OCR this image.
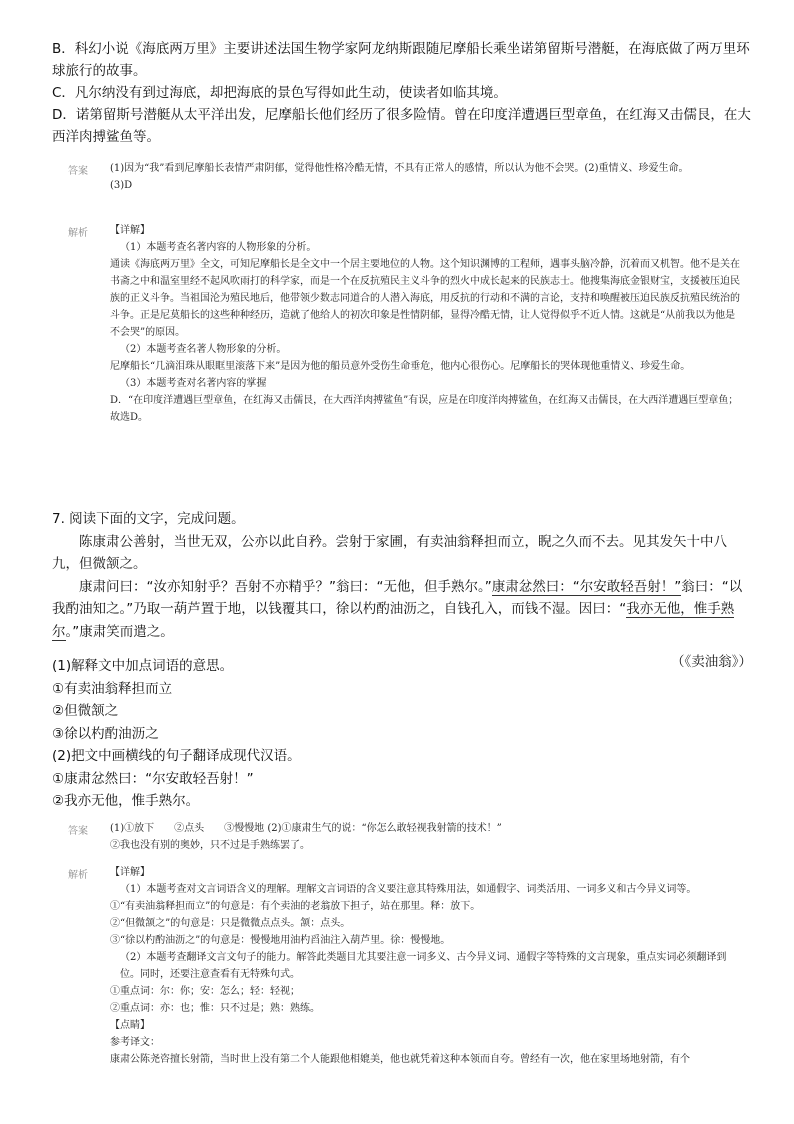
B．科幻小说《海底两万里》主要讲述法国生物学家阿龙纳斯跟随尼摩船长乘坐诺第留斯号潜艇，在海底做了两万里环球旅行的故事。
C．凡尔纳没有到过海底，却把海底的景色写得如此生动，使读者如临其境。
D．诺第留斯号潜艇从太平洋出发，尼摩船长他们经历了很多险情。曾在印度洋遭遇巨型章鱼，在红海又击儒艮，在大西洋肉搏鲨鱼等。
答案	(1)因为“我”看到尼摩船长表情严肃阴郁，觉得他性格冷酷无情，不具有正常人的感情，所以认为他不会哭。(2)重情义、珍爱生命。

(3)D

解析	【详解】

（1）本题考查名著内容的人物形象的分析。

通读《海底两万里》全文，可知尼摩船长是全文中一个居主要地位的人物。这个知识渊博的工程师，遇事头脑冷静，沉着而又机智。他不是关在书斋之中和温室里经不起风吹雨打的科学家，而是一个在反抗殖民主义斗争的烈火中成长起来的民族志士。他搜集海底金银财宝，支援被压迫民族的正义斗争。当祖国沦为殖民地后，他带领少数志同道合的人潜入海底，用反抗的行动和不满的言论，支持和唤醒被压迫民族反抗殖民统治的斗争。正是尼莫船长的这些种种经历，造就了他给人的初次印象是性情阴郁，显得冷酷无情，让人觉得似乎不近人情。这就是“从前我以为他是不会哭”的原因。

（2）本题考查名著人物形象的分析。

尼摩船长“几滴泪珠从眼眶里滚落下来”是因为他的船员意外受伤生命垂危，他内心很伤心。尼摩船长的哭体现他重情义、珍爱生命。

（3）本题考查对名著内容的掌握

D．“在印度洋遭遇巨型章鱼，在红海又击儒艮，在大西洋肉搏鲨鱼”有误，应是在印度洋肉搏鲨鱼，在红海又击儒艮，在大西洋遭遇巨型章鱼；

故选D。

7. 阅读下面的文字，完成问题。

陈康肃公善射，当世无双，公亦以此自矜。尝射于家圃，有卖油翁释担而立，睨之久而不去。见其发矢十中八九，但微颔之。

康肃问曰：“汝亦知射乎？吾射不亦精乎？”翁曰：“无他，但手熟尔。”康肃忿然曰：“尔安敢轻吾射！”翁曰：“以我酌油知之。”乃取一葫芦置于地，以钱覆其口，徐以杓酌油沥之，自钱孔入，而钱不湿。因曰：“我亦无他，惟手熟尔。”康肃笑而遣之。

（《卖油翁》）

(1)解释文中加点词语的意思。

①有卖油翁释担而立

②但微颔之

③徐以杓酌油沥之

(2)把文中画横线的句子翻译成现代汉语。

①康肃忿然曰：“尔安敢轻吾射！”

②我亦无他，惟手熟尔。

答案	(1)①放下　　②点头　　③慢慢地 (2)①康肃生气的说：“你怎么敢轻视我射箭的技术！”

②我也没有别的奥妙，只不过是手熟练罢了。

解析	【详解】

（1）本题考查对文言词语含义的理解。理解文言词语的含义要注意其特殊用法，如通假字、词类活用、一词多义和古今异义词等。

①“有卖油翁释担而立”的句意是：有个卖油的老翁放下担子，站在那里。释：放下。

②“但微颔之”的句意是：只是微微点点头。颔：点头。

③“徐以杓酌油沥之”的句意是：慢慢地用油杓舀油注入葫芦里。徐：慢慢地。

（2）本题考查翻译文言文句子的能力。解答此类题目尤其要注意一词多义、古今异义词、通假字等特殊的文言现象，重点实词必须翻译到位。同时，还要注意查看有无特殊句式。

①重点词：尔：你；安：怎么；轻：轻视；

②重点词：亦：也；惟：只不过是；熟：熟练。

【点睛】

参考译文：

康肃公陈尧咨擅长射箭，当时世上没有第二个人能跟他相媲美，他也就凭着这种本领而自夸。曾经有一次，他在家里场地射箭，有个
